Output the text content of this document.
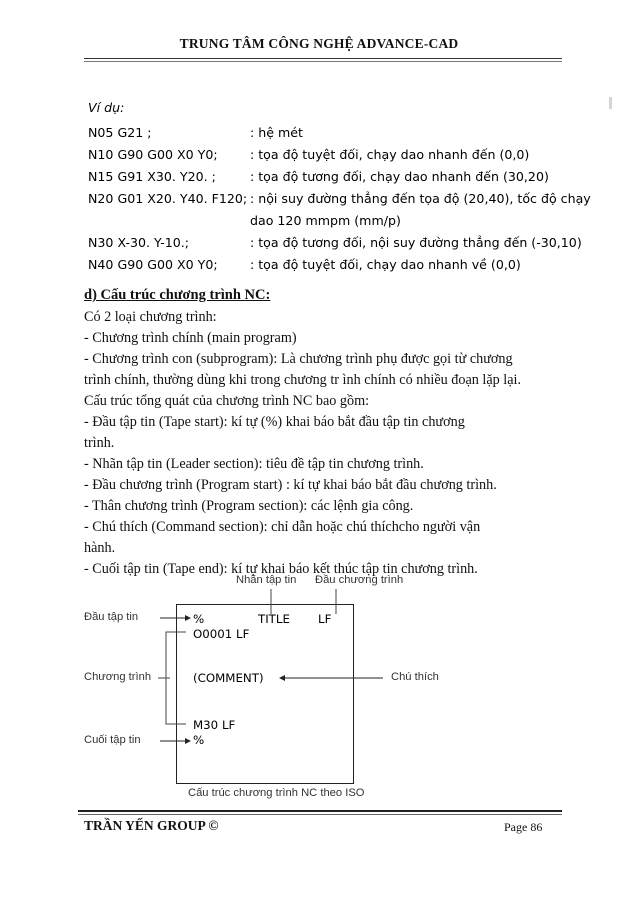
TRUNG TÂM CÔNG NGHỆ ADVANCE-CAD
Ví dụ:
N05 G21 ;	: hệ mét
N10 G90 G00 X0 Y0;	: tọa độ tuyệt đối, chạy dao nhanh đến (0,0)
N15 G91 X30. Y20. ;	: tọa độ tương đối, chạy dao nhanh đến (30,20)
N20 G01 X20. Y40. F120; : nội suy đường thẳng đến tọa độ (20,40), tốc độ chạy
dao 120 mmpm (mm/p)
N30 X-30. Y-10.;	: tọa độ tương đối, nội suy đường thẳng đến (-30,10)
N40 G90 G00 X0 Y0;	: tọa độ tuyệt đối, chạy dao nhanh về (0,0)
d) Cấu trúc chương trình NC:
Có 2 loại chương trình:
- Chương trình chính (main program)
- Chương trình con (subprogram): Là chương trình phụ được gọi từ chương
trình chính, thường dùng khi trong chương tr ình chính có nhiều đoạn lặp lại.
Cấu trúc tổng quát của chương trình NC bao gồm:
- Đầu tập tin (Tape start): kí tự (%) khai báo bắt đầu tập tin chương
trình.
- Nhãn tập tin (Leader section): tiêu đề tập tin chương trình.
- Đầu chương trình (Program start) : kí tự khai báo bắt đầu chương trình.
- Thân chương trình (Program section): các lệnh gia công.
- Chú thích (Command section): chỉ dẫn hoặc chú thíchcho người vận
hành.
- Cuối tập tin (Tape end): kí tự khai báo kết thúc tập tin chương trình.
Nhãn tập tin Đầu chương trình
Đầu tập tin
Chương trình	Chú thích
Cuối tập tin
%	TITLE LF
O0001 LF
(COMMENT)
M30 LF
%
Cấu trúc chương trình NC theo ISO
TRẦN YẾN GROUP ©	Page 86
